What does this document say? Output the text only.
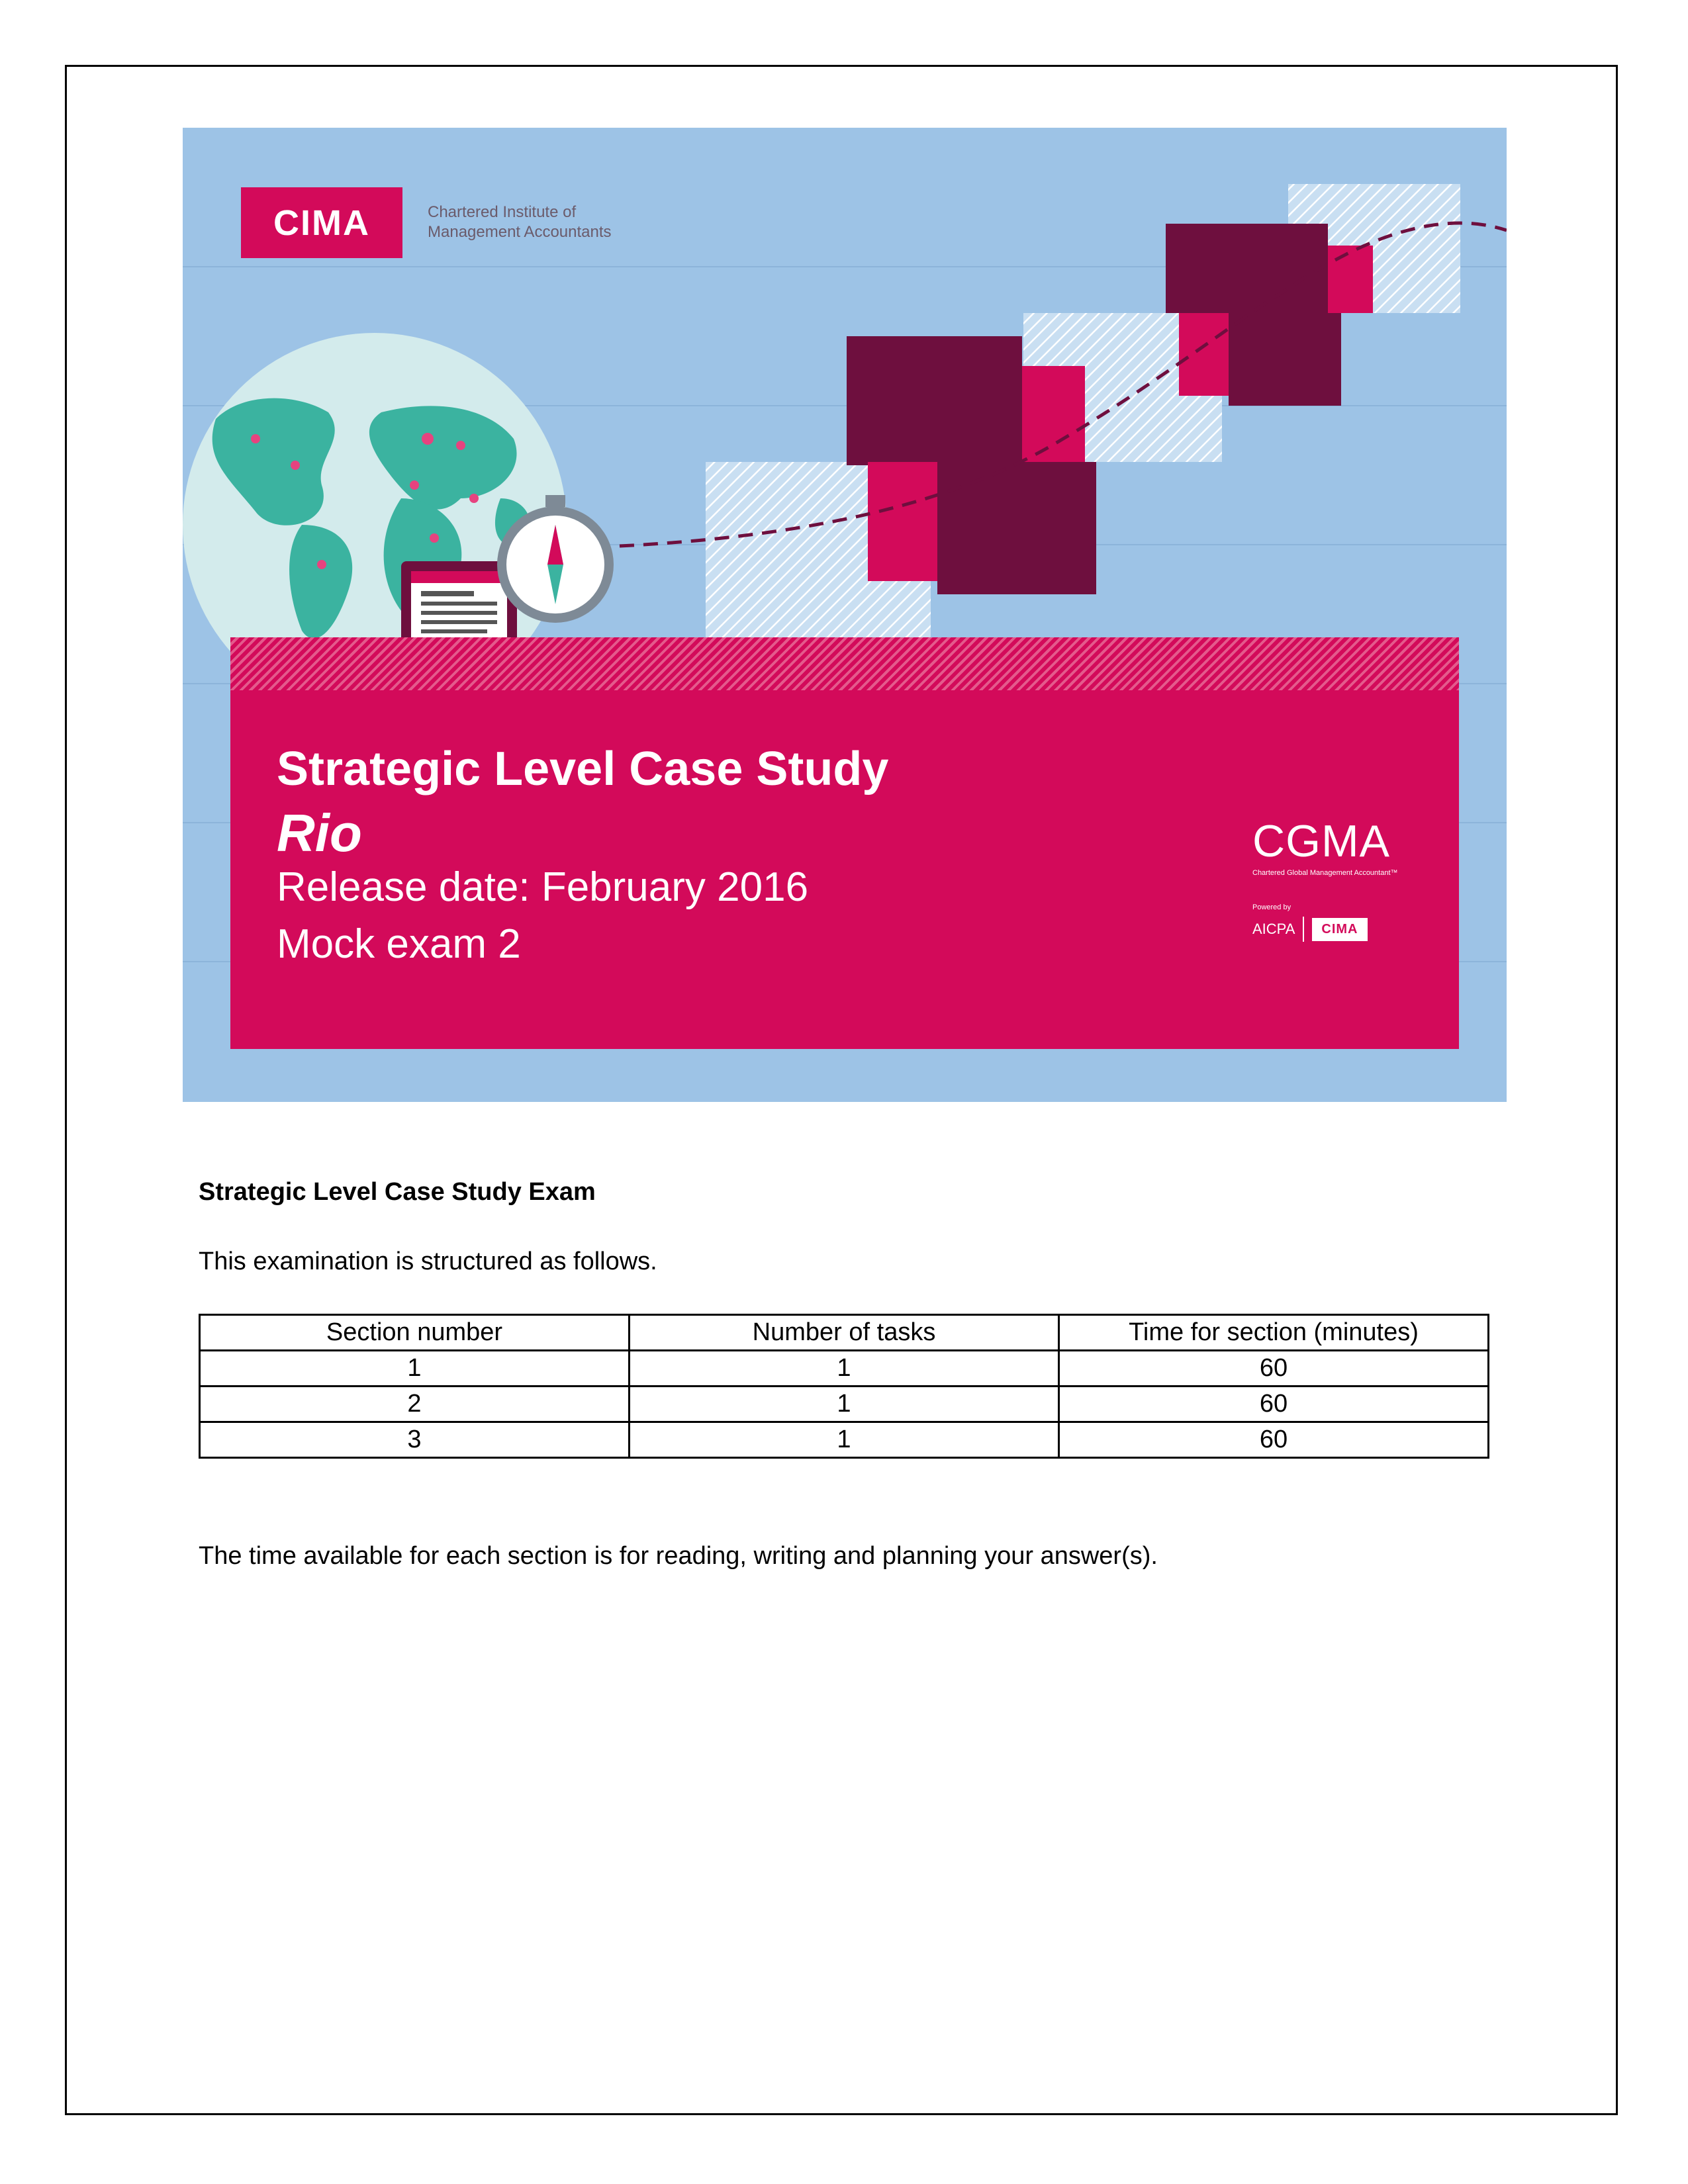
CIMA	Chartered Institute of
Management Accountants
Strategic Level Case Study
Rio
Release date: February 2016
Mock exam 2
CGMA
Chartered Global Management Accountant™
Powered by
AICPA	CIMA
Strategic Level Case Study Exam
This examination is structured as follows.
Section number	Number of tasks	Time for section (minutes)
1	1	60
2	1	60
3	1	60
The time available for each section is for reading, writing and planning your answer(s).
